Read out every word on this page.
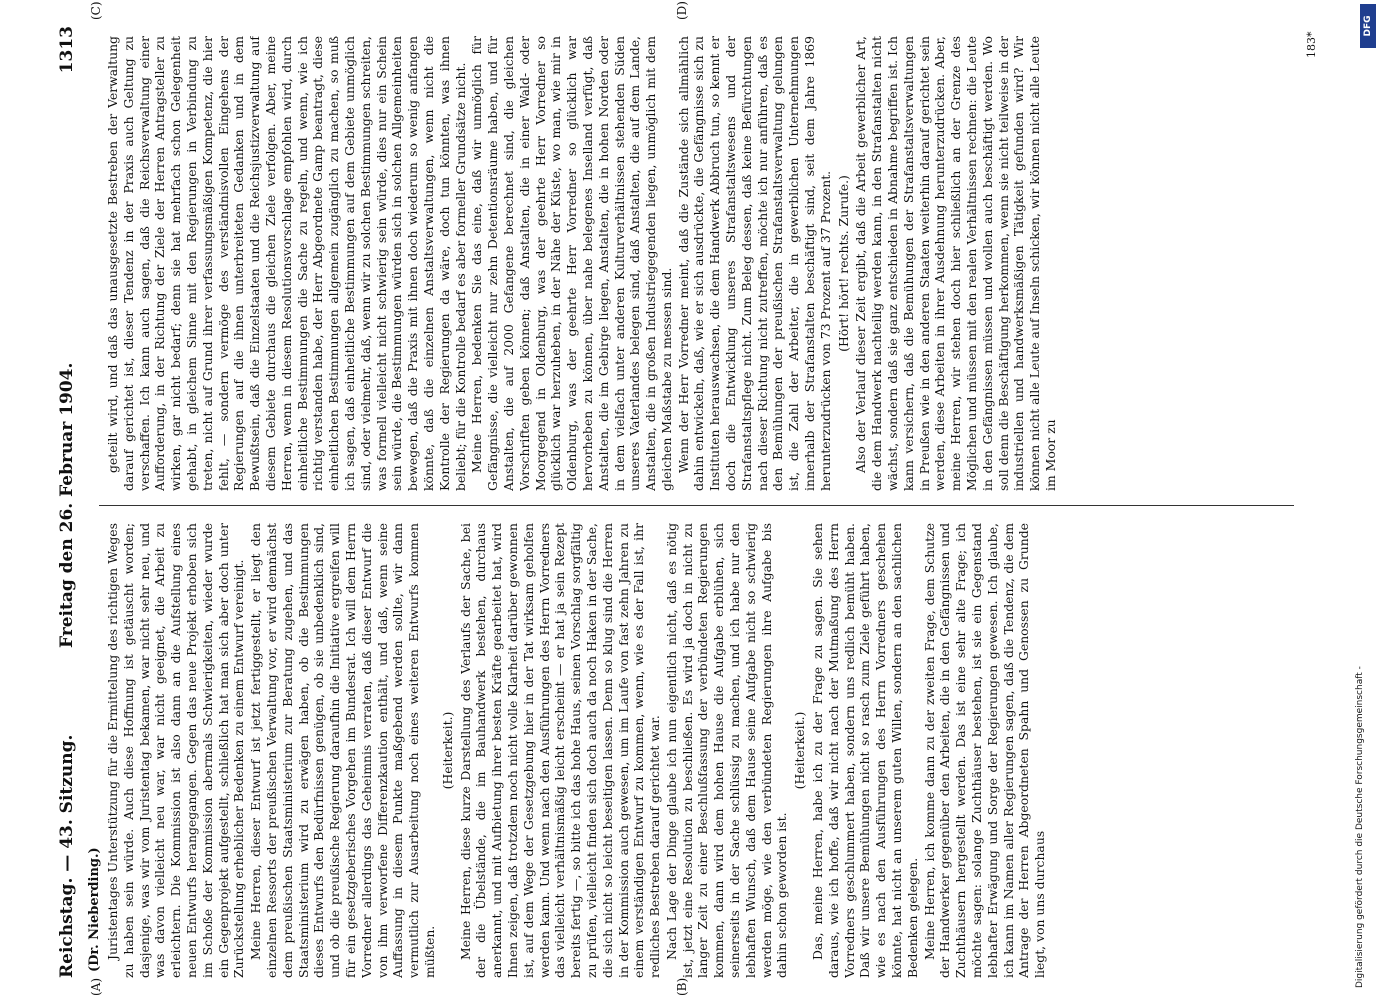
Reichstag. — 43. Sitzung.
Freitag den 26. Februar 1904.
1313
(Dr. Nieberding.)
(A)	(B)
(C)	(D)

Juristentages Unterstützung für die Ermittelung des richtigen Weges zu haben sein würde. Auch diese Hoffnung ist getäuscht worden; dasjenige, was wir vom Juristentag bekamen, war nicht sehr neu, und was davon vielleicht neu war, war nicht geeignet, die Arbeit zu erleichtern. Die Kommission ist also dann an die Aufstellung eines neuen Entwurfs herangegangen. Gegen das neue Projekt erhoben sich im Schoße der Kommission abermals Schwierigkeiten, wieder wurde ein Gegenprojekt aufgestellt, schließlich hat man sich aber doch unter Zurückstellung erheblicher Bedenken zu einem Entwurf vereinigt. Meine Herren, dieser Entwurf ist jetzt fertiggestellt, er liegt den einzelnen Ressorts der preußischen Verwaltung vor, er wird demnächst dem preußischen Staatsministerium zur Beratung zugehen, und das Staatsministerium wird zu erwägen haben, ob die Bestimmungen dieses Entwurfs den Bedürfnissen genügen, ob sie unbedenklich sind, und ob die preußische Regierung daraufhin die Initiative ergreifen will für ein gesetzgeberisches Vorgehen im Bundesrat. Ich will dem Herrn Vorredner allerdings das Geheimnis verraten, daß dieser Entwurf die von ihm verworfene Differenzkaution enthält, und daß, wenn seine Auffassung in diesem Punkte maßgebend werden sollte, wir dann vermutlich zur Ausarbeitung noch eines weiteren Entwurfs kommen müßten.

(Heiterkeit.) Meine Herren, diese kurze Darstellung des Verlaufs der Sache, bei der die Übelstände, die im Bauhandwerk bestehen, durchaus anerkannt, und mit Aufbietung ihrer besten Kräfte gearbeitet hat, wird Ihnen zeigen, daß trotzdem noch nicht volle Klarheit darüber gewonnen ist, auf dem Wege der Gesetzgebung hier in der Tat wirksam geholfen werden kann. Und wenn nach den Ausführungen des Herrn Vorredners das vielleicht verhältnismäßig leicht erscheint — er hat ja sein Rezept bereits fertig —, so bitte ich das hohe Haus, seinen Vorschlag sorgfältig zu prüfen, vielleicht finden sich doch auch da noch Haken in der Sache, die sich nicht so leicht beseitigen lassen. Denn so klug sind die Herren in der Kommission auch gewesen, um im Laufe von fast zehn Jahren zu einem verständigen Entwurf zu kommen, wenn, wie es der Fall ist, ihr redliches Bestreben darauf gerichtet war. Nach Lage der Dinge glaube ich nun eigentlich nicht, daß es nötig ist, jetzt eine Resolution zu beschließen. Es wird ja doch in nicht zu langer Zeit zu einer Beschlußfassung der verbündeten Regierungen kommen, dann wird dem hohen Hause die Aufgabe erblühen, sich seinerseits in der Sache schlüssig zu machen, und ich habe nur den lebhaften Wunsch, daß dem Hause seine Aufgabe nicht so schwierig werden möge, wie den verbündeten Regierungen ihre Aufgabe bis dahin schon geworden ist.

(Heiterkeit.) Das, meine Herren, habe ich zu der Frage zu sagen. Sie sehen daraus, wie ich hoffe, daß wir nicht nach der Mutmaßung des Herrn Vorredners geschlummert haben, sondern uns redlich bemüht haben. Daß wir unsere Bemühungen nicht so rasch zum Ziele geführt haben, wie es nach den Ausführungen des Herrn Vorredners geschehen könnte, hat nicht an unserem guten Willen, sondern an den sachlichen Bedenken gelegen. Meine Herren, ich komme dann zu der zweiten Frage, dem Schutze der Handwerker gegenüber den Arbeiten, die in den Gefängnissen und Zuchthäusern hergestellt werden. Das ist eine sehr alte Frage; ich möchte sagen: solange Zuchthäuser bestehen, ist sie ein Gegenstand lebhafter Erwägung und Sorge der Regierungen gewesen. Ich glaube, ich kann im Namen aller Regierungen sagen, daß die Tendenz, die dem Antrage der Herren Abgeordneten Spahn und Genossen zu Grunde liegt, von uns durchaus

geteilt wird, und daß das unausgesetzte Bestreben der Verwaltung darauf gerichtet ist, dieser Tendenz in der Praxis auch Geltung zu verschaffen. Ich kann auch sagen, daß die Reichsverwaltung einer Aufforderung, in der Richtung der Ziele der Herren Antragsteller zu wirken, gar nicht bedarf; denn sie hat mehrfach schon Gelegenheit gehabt, in gleichem Sinne mit den Regierungen in Verbindung zu treten, nicht auf Grund ihrer verfassungsmäßigen Kompetenz, die hier fehlt, — sondern vermöge des verständnisvollen Eingehens der Regierungen auf die ihnen unterbreiteten Gedanken und in dem Bewußtsein, daß die Einzelstaaten und die Reichsjustizverwaltung auf diesem Gebiete durchaus die gleichen Ziele verfolgen. Aber, meine Herren, wenn in diesem Resolutionsvorschlage empfohlen wird, durch einheitliche Bestimmungen die Sache zu regeln, und wenn, wie ich richtig verstanden habe, der Herr Abgeordnete Gamp beantragt, diese einheitlichen Bestimmungen allgemein zugänglich zu machen, so muß ich sagen, daß einheitliche Bestimmungen auf dem Gebiete unmöglich sind, oder vielmehr, daß, wenn wir zu solchen Bestimmungen schreiten, was formell vielleicht nicht schwierig sein würde, dies nur ein Schein sein würde, die Bestimmungen würden sich in solchen Allgemeinheiten bewegen, daß die Praxis mit ihnen doch wiederum so wenig anfangen könnte, daß die einzelnen Anstaltsverwaltungen, wenn nicht die Kontrolle der Regierungen da wäre, doch tun könnten, was ihnen beliebt; für die Kontrolle bedarf es aber formeller Grundsätze nicht. Meine Herren, bedenken Sie das eine, daß wir unmöglich für Gefängnisse, die vielleicht nur zehn Detentionsräume haben, und für Anstalten, die auf 2000 Gefangene berechnet sind, die gleichen Vorschriften geben können; daß Anstalten, die in einer Wald- oder Moorgegend in Oldenburg, was der geehrte Herr Vorredner so glücklich war herzuheben, in der Nähe der Küste, wo man, wie mir in Oldenburg, was der geehrte Herr Vorredner so glücklich war hervorheben zu können, über nahe belegenes Inselland verfügt, daß Anstalten, die im Gebirge liegen, Anstalten, die in hohen Norden oder in dem vielfach unter anderen Kulturverhältnissen stehenden Süden unseres Vaterlandes belegen sind, daß Anstalten, die auf dem Lande, Anstalten, die in großen Industriegegenden liegen, unmöglich mit dem gleichen Maßstabe zu messen sind. Wenn der Herr Vorredner meint, daß die Zustände sich allmählich dahin entwickeln, daß, wie er sich ausdrückte, die Gefängnisse sich zu Instituten herauswachsen, die dem Handwerk Abbruch tun, so kennt er doch die Entwicklung unseres Strafanstaltswesens und der Strafanstaltspflege nicht. Zum Beleg dessen, daß keine Befürchtungen nach dieser Richtung nicht zutreffen, möchte ich nur anführen, daß es den Bemühungen der preußischen Strafanstaltsverwaltung gelungen ist, die Zahl der Arbeiter, die in gewerblichen Unternehmungen innerhalb der Strafanstalten beschäftigt sind, seit dem Jahre 1869 herunterzudrücken von 73 Prozent auf 37 Prozent. (Hört! hört! rechts. Zurufe.) Also der Verlauf dieser Zeit ergibt, daß die Arbeit gewerblicher Art, die dem Handwerk nachteilig werden kann, in den Strafanstalten nicht wächst, sondern daß sie ganz entschieden in Abnahme begriffen ist. Ich kann versichern, daß die Bemühungen der Strafanstaltsverwaltungen in Preußen wie in den anderen Staaten weiterhin darauf gerichtet sein werden, diese Arbeiten in ihrer Ausdehnung herunterzudrücken. Aber, meine Herren, wir stehen doch hier schließlich an der Grenze des Möglichen und müssen mit den realen Verhältnissen rechnen: die Leute in den Gefängnissen müssen und wollen auch beschäftigt werden. Wo soll denn die Beschäftigung herkommen, wenn sie nicht teilweise in der industriellen und handwerksmäßigen Tätigkeit gefunden wird? Wir können nicht alle Leute auf Inseln schicken, wir können nicht alle Leute im Moor zu

183*
DFG
Digitalisierung gefördert durch die Deutsche Forschungsgemeinschaft -
